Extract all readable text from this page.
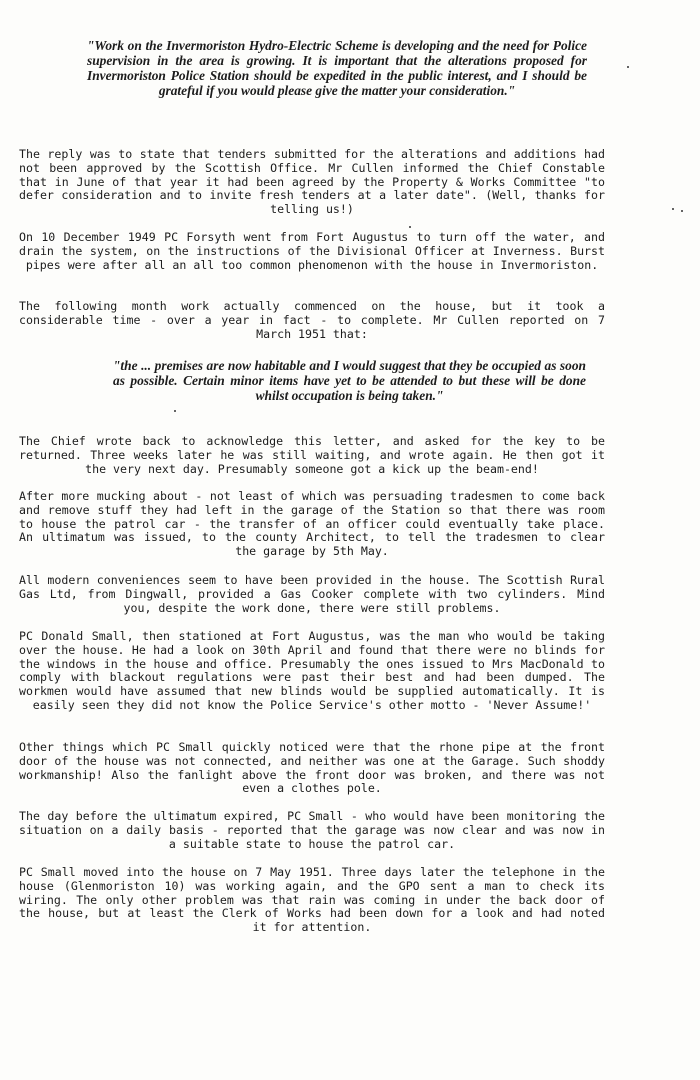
"Work on the Invermoriston Hydro-Electric Scheme is developing and the need for Police supervision in the area is growing. It is important that the alterations proposed for Invermoriston Police Station should be expedited in the public interest, and I should be grateful if you would please give the matter your consideration."

The reply was to state that tenders submitted for the alterations and additions had not been approved by the Scottish Office. Mr Cullen informed the Chief Constable that in June of that year it had been agreed by the Property & Works Committee "to defer consideration and to invite fresh tenders at a later date". (Well, thanks for telling us!)

On 10 December 1949 PC Forsyth went from Fort Augustus to turn off the water, and drain the system, on the instructions of the Divisional Officer at Inverness. Burst pipes were after all an all too common phenomenon with the house in Invermoriston.

The following month work actually commenced on the house, but it took a considerable time - over a year in fact - to complete. Mr Cullen reported on 7 March 1951 that:

"the ... premises are now habitable and I would suggest that they be occupied as soon as possible. Certain minor items have yet to be attended to but these will be done whilst occupation is being taken."

The Chief wrote back to acknowledge this letter, and asked for the key to be returned. Three weeks later he was still waiting, and wrote again. He then got it the very next day. Presumably someone got a kick up the beam-end!

After more mucking about - not least of which was persuading tradesmen to come back and remove stuff they had left in the garage of the Station so that there was room to house the patrol car - the transfer of an officer could eventually take place. An ultimatum was issued, to the county Architect, to tell the tradesmen to clear the garage by 5th May.

All modern conveniences seem to have been provided in the house. The Scottish Rural Gas Ltd, from Dingwall, provided a Gas Cooker complete with two cylinders. Mind you, despite the work done, there were still problems.

PC Donald Small, then stationed at Fort Augustus, was the man who would be taking over the house. He had a look on 30th April and found that there were no blinds for the windows in the house and office. Presumably the ones issued to Mrs MacDonald to comply with blackout regulations were past their best and had been dumped. The workmen would have assumed that new blinds would be supplied automatically. It is easily seen they did not know the Police Service's other motto - 'Never Assume!'

Other things which PC Small quickly noticed were that the rhone pipe at the front door of the house was not connected, and neither was one at the Garage. Such shoddy workmanship! Also the fanlight above the front door was broken, and there was not even a clothes pole.

The day before the ultimatum expired, PC Small - who would have been monitoring the situation on a daily basis - reported that the garage was now clear and was now in a suitable state to house the patrol car.

PC Small moved into the house on 7 May 1951. Three days later the telephone in the house (Glenmoriston 10) was working again, and the GPO sent a man to check its wiring. The only other problem was that rain was coming in under the back door of the house, but at least the Clerk of Works had been down for a look and had noted it for attention.
